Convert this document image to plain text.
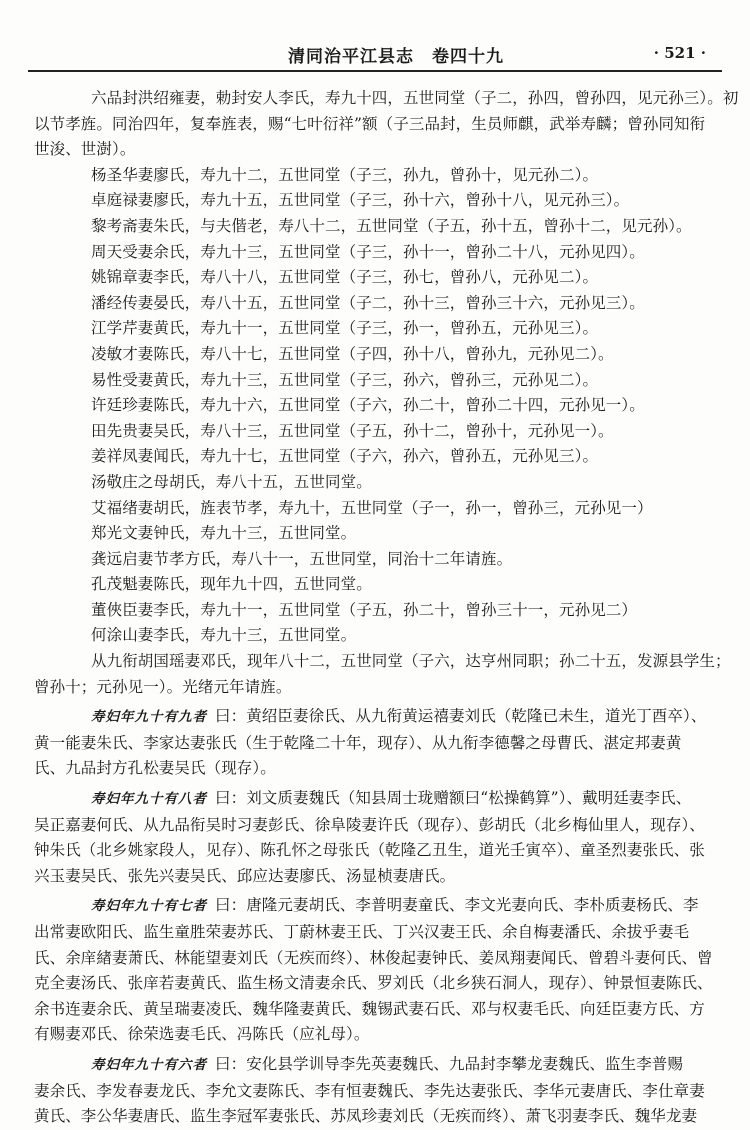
清同治平江县志　卷四十九	· 521 ·
六品封洪绍雍妻，勅封安人李氏，寿九十四，五世同堂（子二，孙四，曾孙四，见元孙三）。初
以节孝旌。同治四年，复奉旌表，赐“七叶衍祥”额（子三品封，生员师麒，武举寿麟；曾孙同知衔
世浚、世澍）。
杨圣华妻廖氏，寿九十二，五世同堂（子三，孙九，曾孙十，见元孙二）。
卓庭禄妻廖氏，寿九十五，五世同堂（子三，孙十六，曾孙十八，见元孙三）。
黎考斋妻朱氏，与夫偕老，寿八十二，五世同堂（子五，孙十五，曾孙十二，见元孙）。
周天受妻余氏，寿九十三，五世同堂（子三，孙十一，曾孙二十八，元孙见四）。
姚锦章妻李氏，寿八十八，五世同堂（子三，孙七，曾孙八，元孙见二）。
潘经传妻晏氏，寿八十五，五世同堂（子二，孙十三，曾孙三十六，元孙见三）。
江学芹妻黄氏，寿九十一，五世同堂（子三，孙一，曾孙五，元孙见三）。
凌敏才妻陈氏，寿八十七，五世同堂（子四，孙十八，曾孙九，元孙见二）。
易性受妻黄氏，寿九十三，五世同堂（子三，孙六，曾孙三，元孙见二）。
许廷珍妻陈氏，寿九十六，五世同堂（子六，孙二十，曾孙二十四，元孙见一）。
田先贵妻吴氏，寿八十三，五世同堂（子五，孙十二，曾孙十，元孙见一）。
姜祥凤妻闻氏，寿九十七，五世同堂（子六，孙六，曾孙五，元孙见三）。
汤敬庄之母胡氏，寿八十五，五世同堂。
艾福绪妻胡氏，旌表节孝，寿九十，五世同堂（子一，孙一，曾孙三，元孙见一）
郑光文妻钟氏，寿九十三，五世同堂。
龚远启妻节孝方氏，寿八十一，五世同堂，同治十二年请旌。
孔茂魁妻陈氏，现年九十四，五世同堂。
董俠臣妻李氏，寿九十一，五世同堂（子五，孙二十，曾孙三十一，元孙见二）
何涂山妻李氏，寿九十三，五世同堂。
从九衔胡国瑶妻邓氏，现年八十二，五世同堂（子六，达亨州同职；孙二十五，发源县学生；
曾孙十；元孙见一）。光绪元年请旌。
寿妇年九十有九者 曰：黄绍臣妻徐氏、从九衔黄运禧妻刘氏（乾隆已未生，道光丁酉卒）、
黄一能妻朱氏、李家达妻张氏（生于乾隆二十年，现存）、从九衔李德馨之母曹氏、湛定邦妻黄
氏、九品封方孔松妻吴氏（现存）。
寿妇年九十有八者 曰：刘文质妻魏氏（知县周士珑赠额曰“松操鹤算”）、戴明廷妻李氏、
吴正嘉妻何氏、从九品衔吴时习妻彭氏、徐阜陵妻许氏（现存）、彭胡氏（北乡梅仙里人，现存）、
钟朱氏（北乡姚家段人，见存）、陈孔怀之母张氏（乾隆乙丑生，道光壬寅卒）、童圣烈妻张氏、张
兴玉妻吴氏、张先兴妻吴氏、邱应达妻廖氏、汤显桢妻唐氏。
寿妇年九十有七者 曰：唐隆元妻胡氏、李普明妻童氏、李文光妻向氏、李朴质妻杨氏、李
出常妻欧阳氏、监生童胜荣妻苏氏、丁蔚林妻王氏、丁兴汉妻王氏、余自梅妻潘氏、余拔乎妻毛
氏、余庠緖妻萧氏、林能望妻刘氏（无疾而终）、林俊起妻钟氏、姜凤翔妻闻氏、曾碧斗妻何氏、曾
克全妻汤氏、张庠若妻黄氏、监生杨文清妻余氏、罗刘氏（北乡狭石洞人，现存）、钟景恒妻陈氏、
余书连妻余氏、黄呈瑞妻凌氏、魏华隆妻黄氏、魏锡武妻石氏、邓与权妻毛氏、向廷臣妻方氏、方
有赐妻邓氏、徐荣选妻毛氏、冯陈氏（应礼母）。
寿妇年九十有六者 曰：安化县学训导李先英妻魏氏、九品封李攀龙妻魏氏、监生李普赐
妻余氏、李发春妻龙氏、李允文妻陈氏、李有恒妻魏氏、李先达妻张氏、李华元妻唐氏、李仕章妻
黄氏、李公华妻唐氏、监生李冠军妻张氏、苏凤珍妻刘氏（无疾而终）、萧飞羽妻李氏、魏华龙妻
